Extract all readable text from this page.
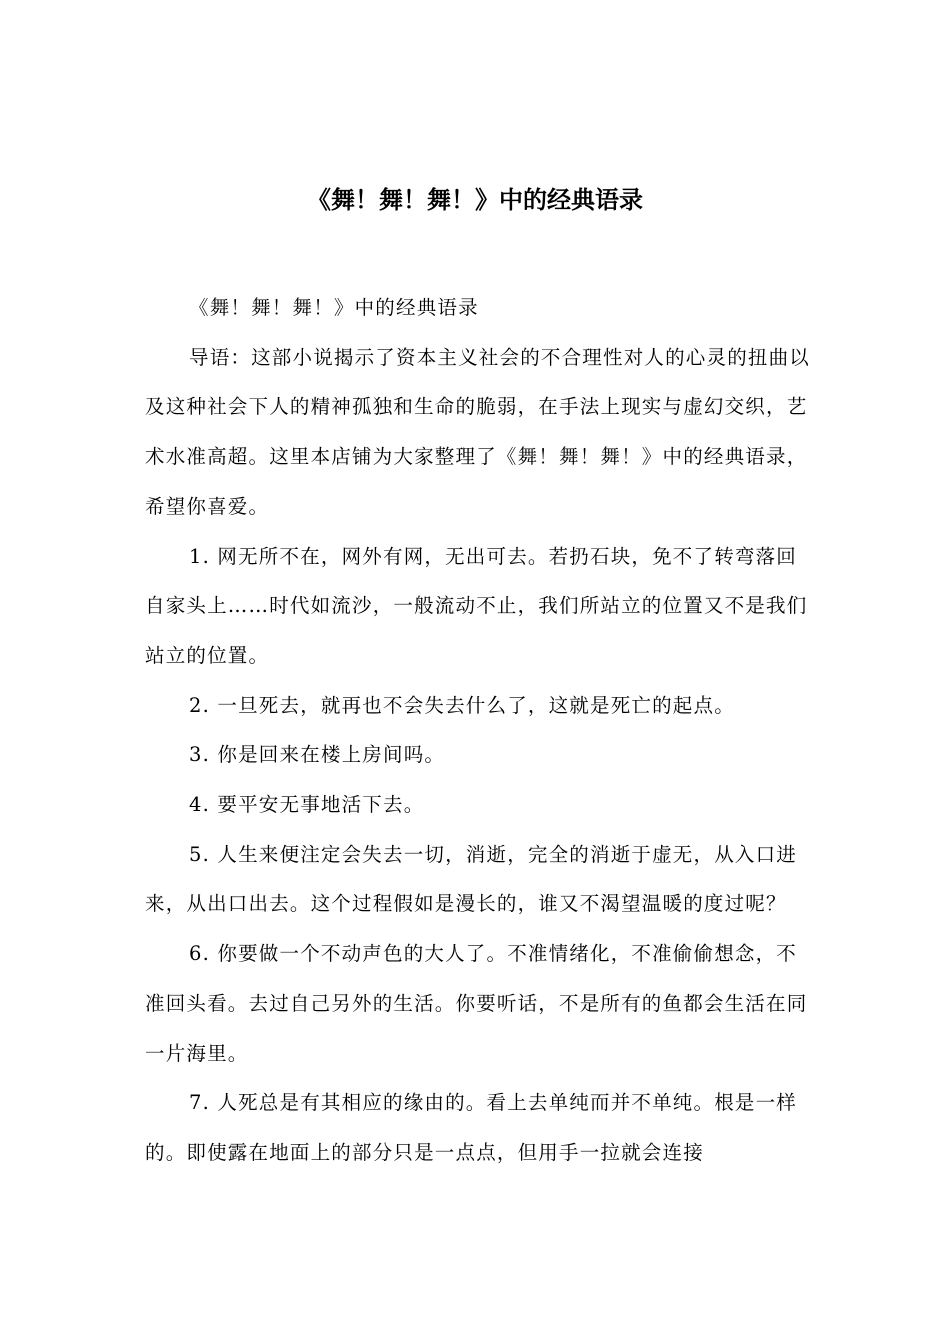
《舞！舞！舞！》中的经典语录

《舞！舞！舞！》中的经典语录

导语：这部小说揭示了资本主义社会的不合理性对人的心灵的扭曲以及这种社会下人的精神孤独和生命的脆弱，在手法上现实与虚幻交织，艺术水准高超。这里本店铺为大家整理了《舞！舞！舞！》中的经典语录，希望你喜爱。

1. 网无所不在，网外有网，无出可去。若扔石块，免不了转弯落回自家头上……时代如流沙，一般流动不止，我们所站立的位置又不是我们站立的位置。

2. 一旦死去，就再也不会失去什么了，这就是死亡的起点。

3. 你是回来在楼上房间吗。

4. 要平安无事地活下去。

5. 人生来便注定会失去一切，消逝，完全的消逝于虚无，从入口进来，从出口出去。这个过程假如是漫长的，谁又不渴望温暖的度过呢？

6. 你要做一个不动声色的大人了。不准情绪化，不准偷偷想念，不准回头看。去过自己另外的生活。你要听话，不是所有的鱼都会生活在同一片海里。

7. 人死总是有其相应的缘由的。看上去单纯而并不单纯。根是一样的。即使露在地面上的部分只是一点点，但用手一拉就会连接
